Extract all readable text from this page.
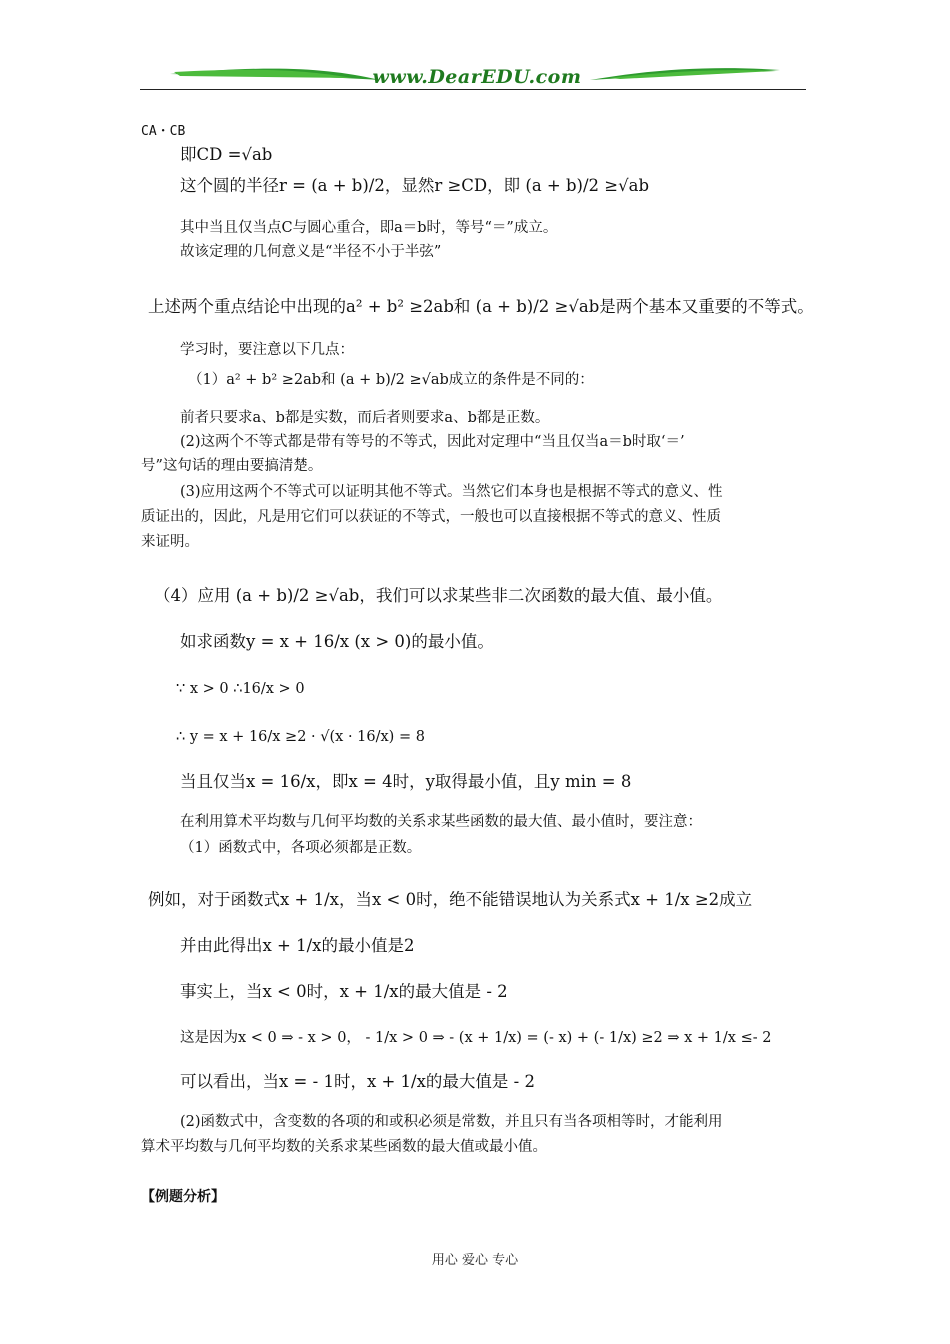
www.DearEDU.com
CA・CB
即CD =√ab
这个圆的半径r = (a + b)/2，显然r ≥CD，即 (a + b)/2 ≥√ab
其中当且仅当点C与圆心重合，即a＝b时，等号“＝”成立。
故该定理的几何意义是“半径不小于半弦”
上述两个重点结论中出现的a² + b² ≥2ab和 (a + b)/2 ≥√ab是两个基本又重要的不等式。
学习时，要注意以下几点：
（1）a² + b² ≥2ab和 (a + b)/2 ≥√ab成立的条件是不同的：
前者只要求a、b都是实数，而后者则要求a、b都是正数。
(2)这两个不等式都是带有等号的不等式，因此对定理中“当且仅当a＝b时取‘＝’
号”这句话的理由要搞清楚。
(3)应用这两个不等式可以证明其他不等式。当然它们本身也是根据不等式的意义、性
质证出的，因此，凡是用它们可以获证的不等式，一般也可以直接根据不等式的意义、性质
来证明。
（4）应用 (a + b)/2 ≥√ab，我们可以求某些非二次函数的最大值、最小值。
如求函数y = x + 16/x (x > 0)的最小值。
∵ x > 0 ∴16/x > 0
∴ y = x + 16/x ≥2 · √(x · 16/x) = 8
当且仅当x = 16/x，即x = 4时，y取得最小值，且y min = 8
在利用算术平均数与几何平均数的关系求某些函数的最大值、最小值时，要注意：
（1）函数式中，各项必须都是正数。
例如，对于函数式x + 1/x，当x < 0时，绝不能错误地认为关系式x + 1/x ≥2成立
并由此得出x + 1/x的最小值是2
事实上，当x < 0时，x + 1/x的最大值是 - 2
这是因为x < 0 ⇒ - x > 0， - 1/x > 0 ⇒ - (x + 1/x) = (- x) + (- 1/x) ≥2 ⇒ x + 1/x ≤- 2
可以看出，当x = - 1时，x + 1/x的最大值是 - 2
(2)函数式中，含变数的各项的和或积必须是常数，并且只有当各项相等时，才能利用
算术平均数与几何平均数的关系求某些函数的最大值或最小值。
【例题分析】
用心 爱心 专心
